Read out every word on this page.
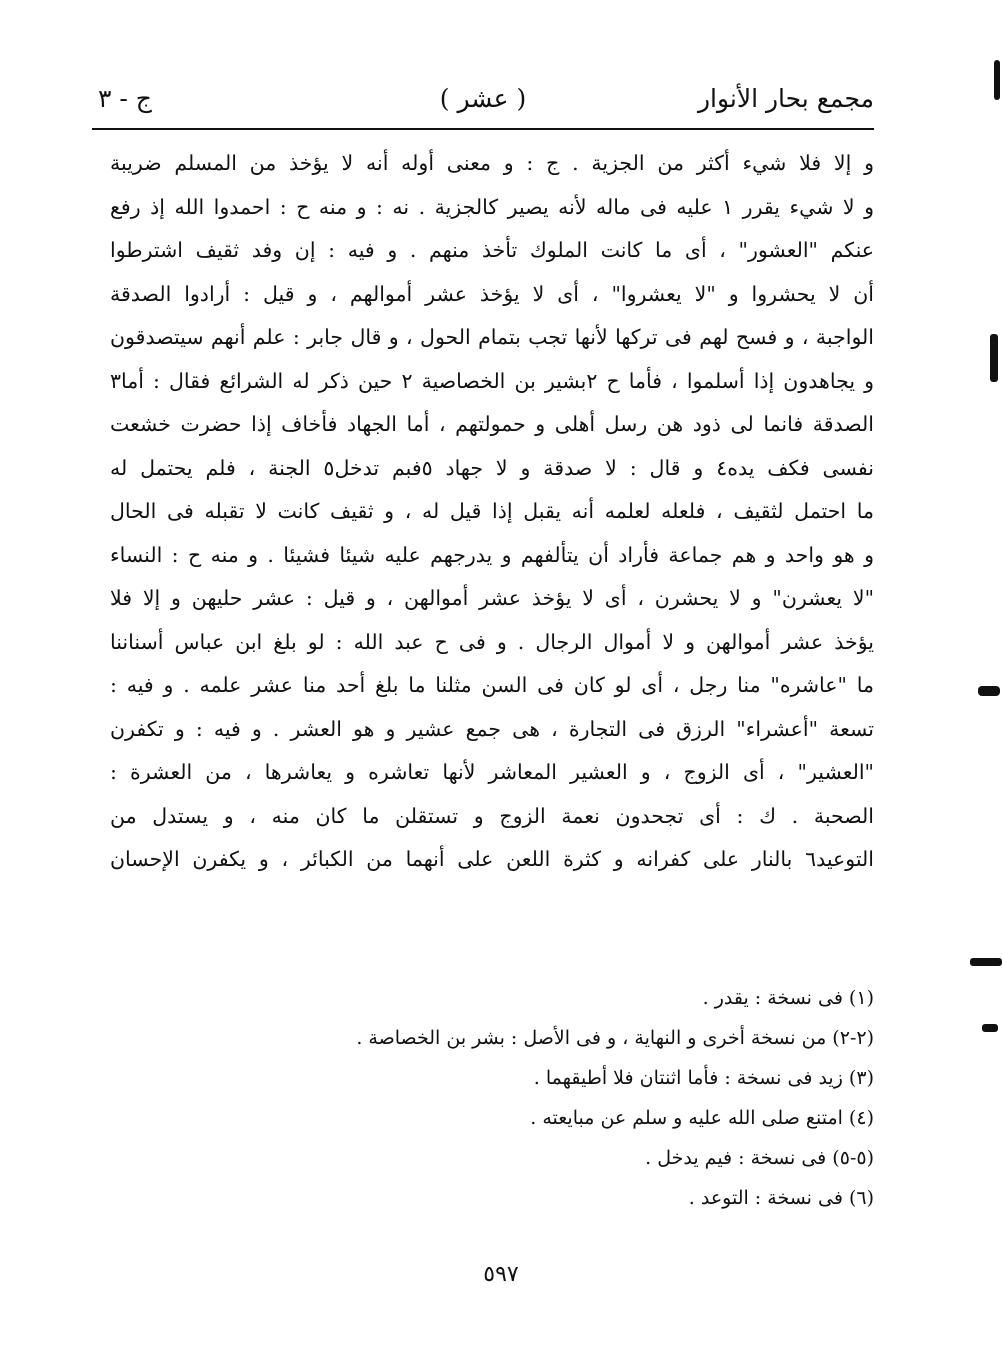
مجمع بحار الأنوار
( عشر )
ج - ٣
و إلا فلا شيء أكثر من الجزية . ج : و معنى أوله أنه لا يؤخذ من المسلم ضريبة
و لا شيء يقرر ١ عليه فى ماله لأنه يصير كالجزية . نه : و منه ح : احمدوا الله إذ رفع
عنكم "العشور" ، أى ما كانت الملوك تأخذ منهم . و فيه : إن وفد ثقيف اشترطوا
أن لا يحشروا و "لا يعشروا" ، أى لا يؤخذ عشر أموالهم ، و قيل : أرادوا الصدقة
الواجبة ، و فسح لهم فى تركها لأنها تجب بتمام الحول ، و قال جابر : علم أنهم سيتصدقون
و يجاهدون إذا أسلموا ، فأما ح ٢بشير بن الخصاصية ٢ حين ذكر له الشرائع فقال : أما٣
الصدقة فانما لى ذود هن رسل أهلى و حمولتهم ، أما الجهاد فأخاف إذا حضرت خشعت
نفسى فكف يده٤ و قال : لا صدقة و لا جهاد ٥فبم تدخل٥ الجنة ، فلم يحتمل له
ما احتمل لثقيف ، فلعله لعلمه أنه يقبل إذا قيل له ، و ثقيف كانت لا تقبله فى الحال
و هو واحد و هم جماعة فأراد أن يتألفهم و يدرجهم عليه شيئا فشيئا . و منه ح : النساء
"لا يعشرن" و لا يحشرن ، أى لا يؤخذ عشر أموالهن ، و قيل : عشر حليهن و إلا فلا
يؤخذ عشر أموالهن و لا أموال الرجال . و فى ح عبد الله : لو بلغ ابن عباس أسناننا
ما "عاشره" منا رجل ، أى لو كان فى السن مثلنا ما بلغ أحد منا عشر علمه . و فيه :
تسعة "أعشراء" الرزق فى التجارة ، هى جمع عشير و هو العشر . و فيه : و تكفرن
"العشير" ، أى الزوج ، و العشير المعاشر لأنها تعاشره و يعاشرها ، من العشرة :
الصحبة . ك : أى تجحدون نعمة الزوج و تستقلن ما كان منه ، و يستدل من
التوعيد٦ بالنار على كفرانه و كثرة اللعن على أنهما من الكبائر ، و يكفرن الإحسان
(١) فى نسخة : يقدر .
(٢-٢) من نسخة أخرى و النهاية ، و فى الأصل : بشر بن الخصاصة .
(٣) زيد فى نسخة : فأما اثنتان فلا أطيقهما .
(٤) امتنع صلى الله عليه و سلم عن مبايعته .
(٥-٥) فى نسخة : فيم يدخل .
(٦) فى نسخة : التوعد .
٥٩٧
